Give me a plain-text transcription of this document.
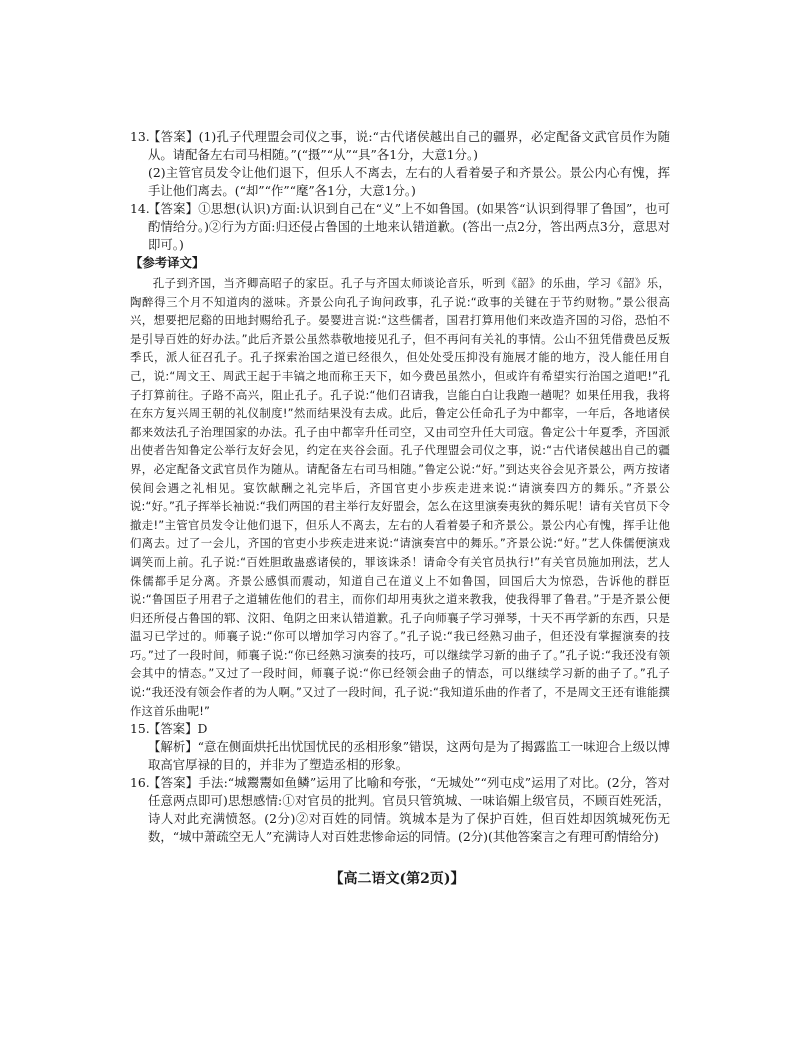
13.

【答案】(1)孔子代理盟会司仪之事，说:“古代诸侯越出自己的疆界，必定配备文武官员作为随从。请配备左右司马相随。”(“摄”“从”“具”各1分，大意1分。)

(2)主管官员发令让他们退下，但乐人不离去，左右的人看着晏子和齐景公。景公内心有愧，挥手让他们离去。(“却”“作”“麾”各1分，大意1分。)

14.

【答案】①思想(认识)方面:认识到自己在“义”上不如鲁国。(如果答“认识到得罪了鲁国”，也可酌情给分。)②行为方面:归还侵占鲁国的土地来认错道歉。(答出一点2分，答出两点3分，意思对即可。)

【参考译文】

孔子到齐国，当齐卿高昭子的家臣。孔子与齐国太师谈论音乐，听到《韶》的乐曲，学习《韶》乐，陶醉得三个月不知道肉的滋味。齐景公向孔子询问政事，孔子说:“政事的关键在于节约财物。”景公很高兴，想要把尼谿的田地封赐给孔子。晏婴进言说:“这些儒者，国君打算用他们来改造齐国的习俗，恐怕不是引导百姓的好办法。”此后齐景公虽然恭敬地接见孔子，但不再问有关礼的事情。公山不狃凭借费邑反叛季氏，派人征召孔子。孔子探索治国之道已经很久，但处处受压抑没有施展才能的地方，没人能任用自己，说:“周文王、周武王起于丰镐之地而称王天下，如今费邑虽然小，但或许有希望实行治国之道吧!”孔子打算前往。子路不高兴，阻止孔子。孔子说:“他们召请我，岂能白白让我跑一趟呢？如果任用我，我将在东方复兴周王朝的礼仪制度!”然而结果没有去成。此后，鲁定公任命孔子为中都宰，一年后，各地诸侯都来效法孔子治理国家的办法。孔子由中都宰升任司空，又由司空升任大司寇。鲁定公十年夏季，齐国派出使者告知鲁定公举行友好会见，约定在夹谷会面。孔子代理盟会司仪之事，说:“古代诸侯越出自己的疆界，必定配备文武官员作为随从。请配备左右司马相随。”鲁定公说:“好。”到达夹谷会见齐景公，两方按诸侯间会遇之礼相见。宴饮献酬之礼完毕后，齐国官吏小步疾走进来说:“请演奏四方的舞乐。”齐景公说:“好。”孔子挥举长袖说:“我们两国的君主举行友好盟会，怎么在这里演奏夷狄的舞乐呢！请有关官员下令撤走!”主管官员发令让他们退下，但乐人不离去，左右的人看着晏子和齐景公。景公内心有愧，挥手让他们离去。过了一会儿，齐国的官吏小步疾走进来说:“请演奏宫中的舞乐。”齐景公说:“好。”艺人侏儒便演戏调笑而上前。孔子说:“百姓胆敢蛊惑诸侯的，罪该诛杀！请命令有关官员执行!”有关官员施加刑法，艺人侏儒都手足分离。齐景公感惧而震动，知道自己在道义上不如鲁国，回国后大为惊恐，告诉他的群臣说:“鲁国臣子用君子之道辅佐他们的君主，而你们却用夷狄之道来教我，使我得罪了鲁君。”于是齐景公便归还所侵占鲁国的郓、汶阳、龟阴之田来认错道歉。孔子向师襄子学习弹琴，十天不再学新的东西，只是温习已学过的。师襄子说:“你可以增加学习内容了。”孔子说:“我已经熟习曲子，但还没有掌握演奏的技巧。”过了一段时间，师襄子说:“你已经熟习演奏的技巧，可以继续学习新的曲子了。”孔子说:“我还没有领会其中的情态。”又过了一段时间，师襄子说:“你已经领会曲子的情态，可以继续学习新的曲子了。”孔子说:“我还没有领会作者的为人啊。”又过了一段时间，孔子说:“我知道乐曲的作者了，不是周文王还有谁能撰作这首乐曲呢!”

15.

【答案】D

【解析】“意在侧面烘托出忧国忧民的丞相形象”错误，这两句是为了揭露监工一味迎合上级以博取高官厚禄的目的，并非为了塑造丞相的形象。

16.

【答案】手法:“城鬻鬻如鱼鳞”运用了比喻和夸张，“无城处”“列屯戍”运用了对比。(2分，答对任意两点即可)思想感情:①对官员的批判。官员只管筑城、一味谄媚上级官员，不顾百姓死活，诗人对此充满愤怒。(2分)②对百姓的同情。筑城本是为了保护百姓，但百姓却因筑城死伤无数，“城中萧疏空无人”充满诗人对百姓悲惨命运的同情。(2分)(其他答案言之有理可酌情给分)

【高二语文(第2页)】
